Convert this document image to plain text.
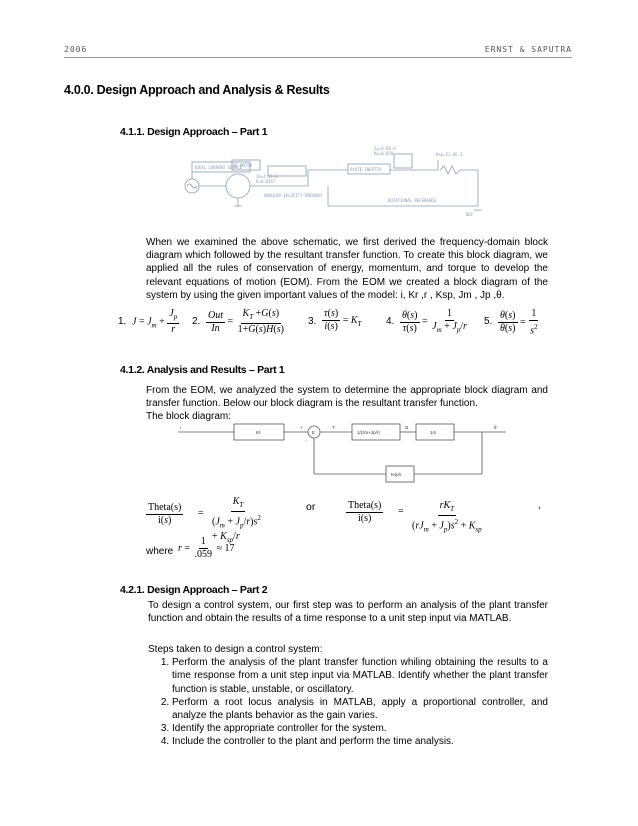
2006	ERNST & SAPUTRA
4.0.0. Design Approach and Analysis & Results
4.1.1. Design Approach – Part 1
IDEAL CURRENT SOURCE
DC MOTOR
Jm=4.9E-6
R=0.0367
PLATE INERTIA
ANGULAR VELOCITY-ENCODER
Jp=9.8E-6
Kp=0.059	Ksp=51.6E-3
ROTATIONAL REFERENCE
REF

When we examined the above schematic, we first derived the frequency-domain block diagram which followed by the resultant transfer function. To create this block diagram, we applied all the rules of conservation of energy, momentum, and torque to develop the relevant equations of motion (EOM). From the EOM we created a block diagram of the system by using the given important values of the model: i, Kr ,r , Ksp, Jm , Jp ,θ.

1. $J = J_m + \frac{J_p}{r} 2$. $\frac{\text{Out}}{In} = \frac{K_T +G(s)}{1+G(s)H(s)} 3$. $\frac{\tau(s)}{i(s)} = K_T$ 4. $\frac{\theta(s)}{\tau(s)} = \frac{1}{J_m + J_p/r} 5$. $\frac{\theta(s)}{\theta(s)} = \frac{1}{s^2}$
4.1.2. Analysis and Results – Part 1

From the EOM, we analyzed the system to determine the appropriate block diagram and transfer function. Below our block diagram is the resultant transfer function.

The block diagram:

i
Kt
+
-
E
T
1/(Jm+Jp/r)
Ω
1/s
θ
Ksp/r
Theta(s)
i(s)
=
$K_T$
$(J_m + J_p/r)s^2 + K_{sp}/r$
or	Theta(s)
i(s)
=
$rK_T$
$(rJ_m + J_p)s^2 + K_{sp}$
,
where $r = \frac{1}{.059} \approx 17$
4.2.1. Design Approach – Part 2

To design a control system, our first step was to perform an analysis of the plant transfer function and obtain the results of a time response to a unit step input via MATLAB.

Steps taken to design a control system:

1. Perform the analysis of the plant transfer function whiling obtaining the results to a time response from a unit step input via MATLAB. Identify whether the plant transfer function is stable, unstable, or oscillatory.
2. Perform a root locus analysis in MATLAB, apply a proportional controller, and analyze the plants behavior as the gain varies.
3. Identify the appropriate controller for the system.
4. Include the controller to the plant and perform the time analysis.
